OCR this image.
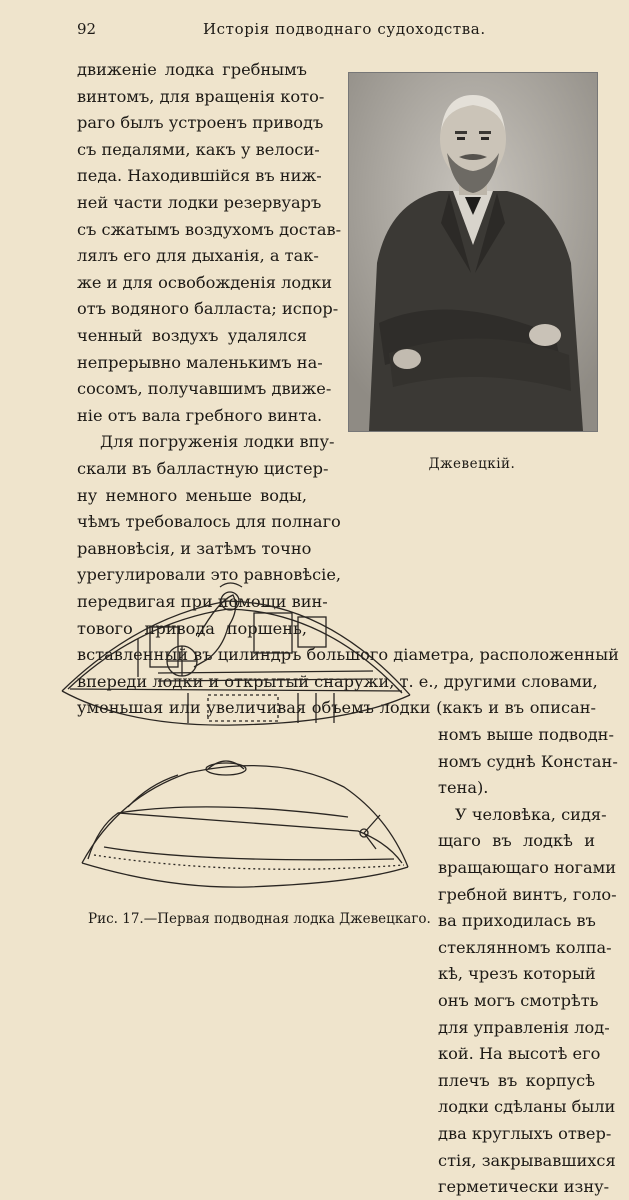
92	Исторія подводнаго судоходства.
движеніе лодка гребнымъ
винтомъ, для вращенія кото-
раго былъ устроенъ приводъ
съ педалями, какъ у велоси-
педа. Находившійся въ ниж-
ней части лодки резервуаръ
съ сжатымъ воздухомъ достав-
лялъ его для дыханія, а так-
же и для освобожденія лодки
отъ водяного балласта; испор-
ченный воздухъ удалялся
непрерывно маленькимъ на-
сосомъ, получавшимъ движе-
ніе отъ вала гребного винта.
Для погруженія лодки впу-
скали въ балластную цистер-
ну немного меньше воды,
чѣмъ требовалось для полнаго
равновѣсія, и затѣмъ точно
урегулировали это равновѣсіе,
передвигая при помощи вин-
тового привода поршень,
вставленный въ цилиндръ большого діаметра, расположенный
впереди лодки и открытый снаружи, т. е., другими словами,
уменьшая или увеличивая объемъ лодки (какъ и въ описан-
номъ выше подводн-
номъ суднѣ Констан-
тена).
У человѣка, сидя-
щаго въ лодкѣ и
вращающаго ногами
гребной винтъ, голо-
ва приходилась въ
стеклянномъ колпа-
кѣ, чрезъ который
онъ могъ смотрѣть
для управленія лод-
кой. На высотѣ его
плечъ въ корпусѣ
лодки сдѣланы были
два круглыхъ отвер-
стія, закрывавшихся
герметически изну-
Джевецкій.
Рис. 17.—Первая подводная лодка Джевецкаго.
